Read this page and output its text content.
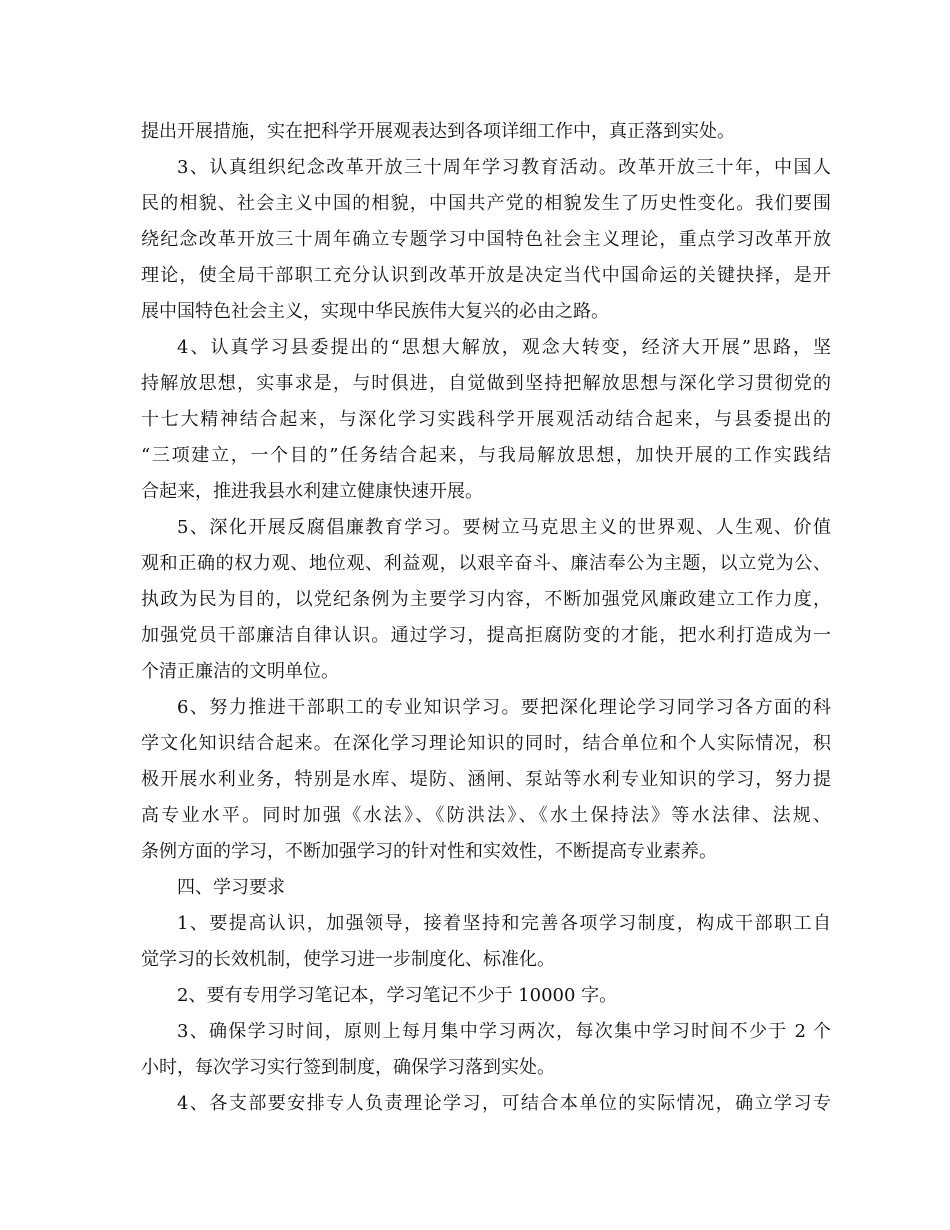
提出开展措施，实在把科学开展观表达到各项详细工作中，真正落到实处。
3、认真组织纪念改革开放三十周年学习教育活动。改革开放三十年，中国人
民的相貌、社会主义中国的相貌，中国共产党的相貌发生了历史性变化。我们要围
绕纪念改革开放三十周年确立专题学习中国特色社会主义理论，重点学习改革开放
理论，使全局干部职工充分认识到改革开放是决定当代中国命运的关键抉择，是开
展中国特色社会主义，实现中华民族伟大复兴的必由之路。
4、认真学习县委提出的“思想大解放，观念大转变，经济大开展”思路，坚
持解放思想，实事求是，与时俱进，自觉做到坚持把解放思想与深化学习贯彻党的
十七大精神结合起来，与深化学习实践科学开展观活动结合起来，与县委提出的
“三项建立，一个目的”任务结合起来，与我局解放思想，加快开展的工作实践结
合起来，推进我县水利建立健康快速开展。
5、深化开展反腐倡廉教育学习。要树立马克思主义的世界观、人生观、价值
观和正确的权力观、地位观、利益观，以艰辛奋斗、廉洁奉公为主题，以立党为公、
执政为民为目的，以党纪条例为主要学习内容，不断加强党风廉政建立工作力度，
加强党员干部廉洁自律认识。通过学习，提高拒腐防变的才能，把水利打造成为一
个清正廉洁的文明单位。
6、努力推进干部职工的专业知识学习。要把深化理论学习同学习各方面的科
学文化知识结合起来。在深化学习理论知识的同时，结合单位和个人实际情况，积
极开展水利业务，特别是水库、堤防、涵闸、泵站等水利专业知识的学习，努力提
高专业水平。同时加强《水法》、《防洪法》、《水土保持法》等水法律、法规、
条例方面的学习，不断加强学习的针对性和实效性，不断提高专业素养。
四、学习要求
1、要提高认识，加强领导，接着坚持和完善各项学习制度，构成干部职工自
觉学习的长效机制，使学习进一步制度化、标准化。
2、要有专用学习笔记本，学习笔记不少于 10000 字。
3、确保学习时间，原则上每月集中学习两次，每次集中学习时间不少于 2 个
小时，每次学习实行签到制度，确保学习落到实处。
4、各支部要安排专人负责理论学习，可结合本单位的实际情况，确立学习专
